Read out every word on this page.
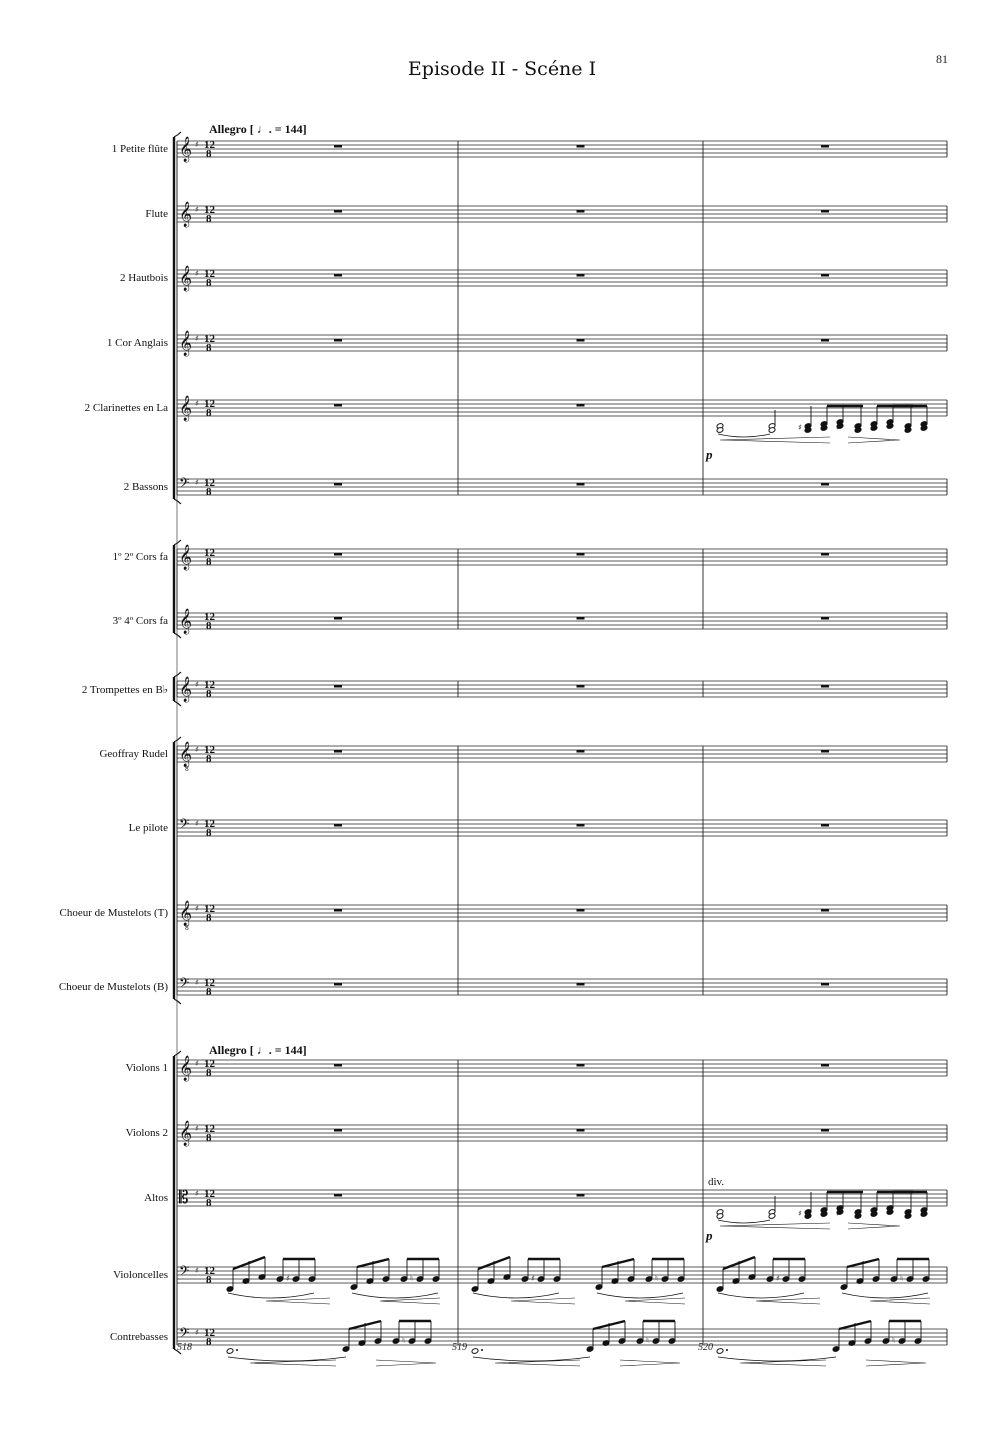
Episode II - Scéne I	81
Allegro [ ♩. = 144]
Allegro [ ♩. = 144]
1 Petite flûte
Flute
2 Hautbois
1 Cor Anglais
2 Clarinettes en La
2 Bassons
1º 2º Cors fa
3º 4º Cors fa
2 Trompettes en B♭
Geoffray Rudel
Le pilote
Choeur de Mustelots (T)
Choeur de Mustelots (B)
Violons 1
Violons 2
Altos
Violoncelles
Contrebasses
518	519	520
div.
p
p
𝄞 ♯ 12
8
𝄞 ♯ 12
8
𝄞 ♯ 12
8
𝄞 ♯ 12
8
𝄞 ♯ 12
8
𝄢 ♯ 12
8
𝄞 12
8
𝄞 12
8
𝄞 ♯ 12
8
𝄞
8
♯ 12
8
𝄢 ♯ 12
8
𝄞
8
♯ 12
8
𝄢 ♯ 12
8
𝄞 ♯ 12
8
𝄞 ♯ 12
8
𝄡 ♯ 12
8
𝄢 ♯ 12
8
𝄢 ♯ 12
8
♯	♮	♯	♮	♯	♮
♮	♮	♮
♯	♯
♯	♯
